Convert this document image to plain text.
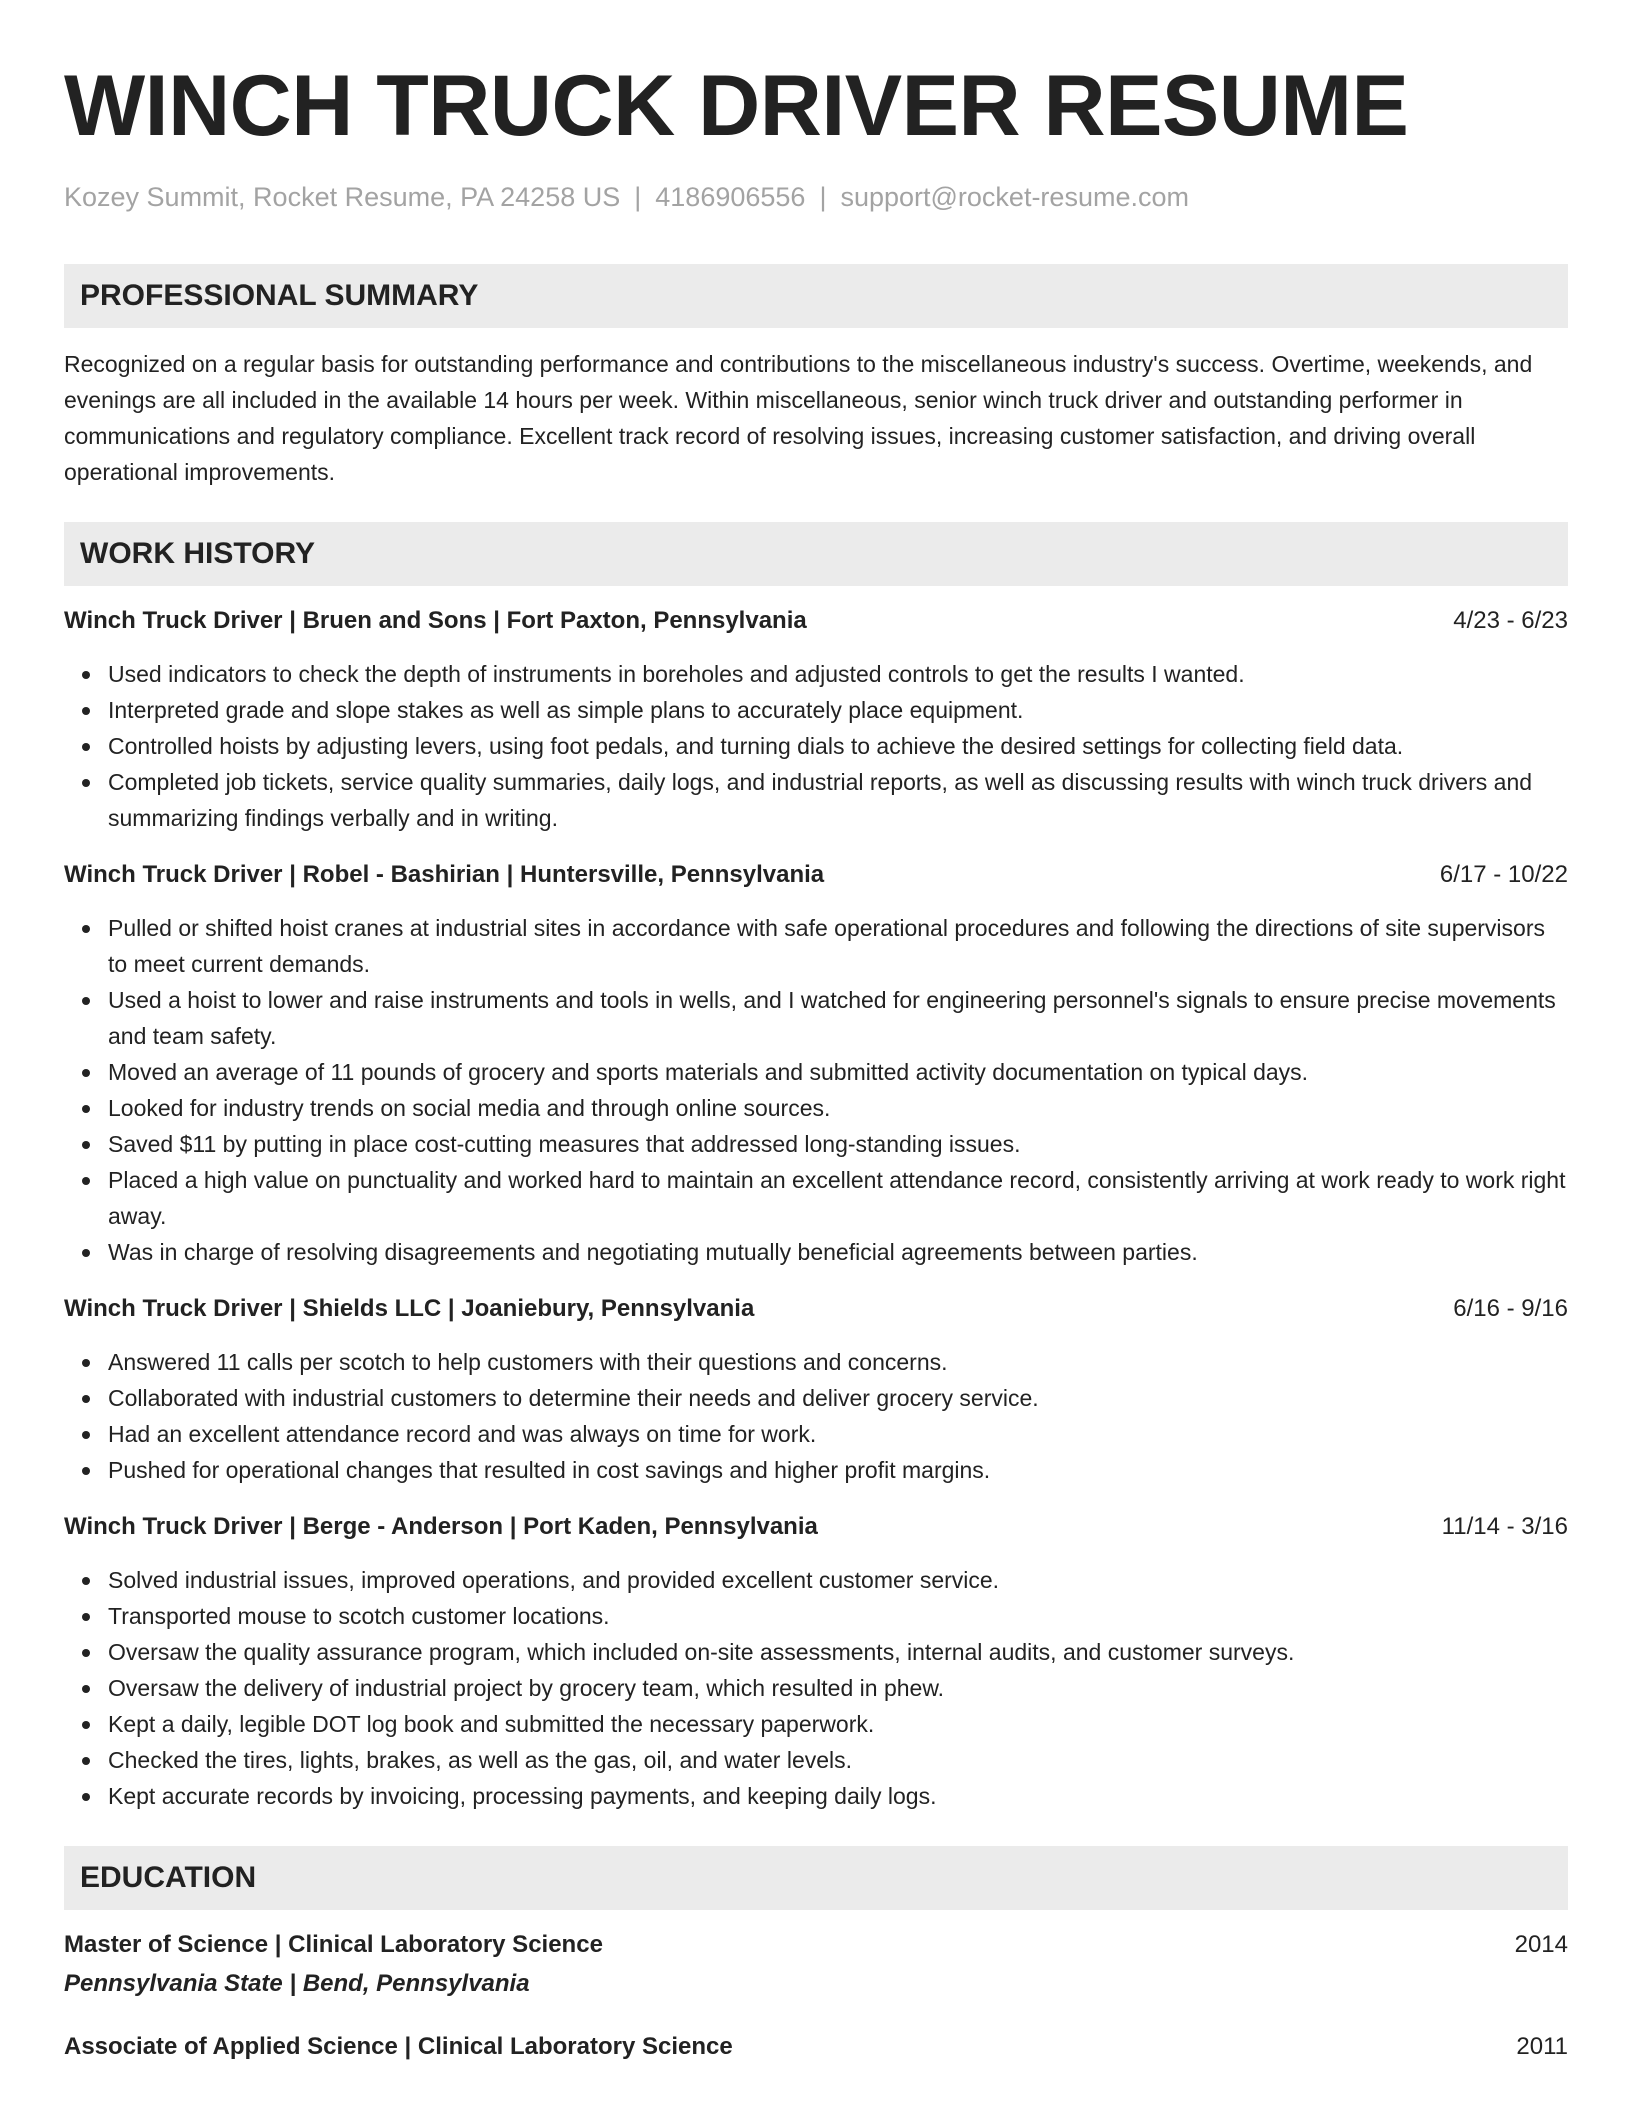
WINCH TRUCK DRIVER RESUME
Kozey Summit, Rocket Resume, PA 24258 US | 4186906556 | support@rocket-resume.com
PROFESSIONAL SUMMARY
Recognized on a regular basis for outstanding performance and contributions to the miscellaneous industry's success. Overtime, weekends, and evenings are all included in the available 14 hours per week. Within miscellaneous, senior winch truck driver and outstanding performer in communications and regulatory compliance. Excellent track record of resolving issues, increasing customer satisfaction, and driving overall operational improvements.
WORK HISTORY
Winch Truck Driver | Bruen and Sons | Fort Paxton, Pennsylvania	4/23 - 6/23
Used indicators to check the depth of instruments in boreholes and adjusted controls to get the results I wanted.
Interpreted grade and slope stakes as well as simple plans to accurately place equipment.
Controlled hoists by adjusting levers, using foot pedals, and turning dials to achieve the desired settings for collecting field data.
Completed job tickets, service quality summaries, daily logs, and industrial reports, as well as discussing results with winch truck drivers and summarizing findings verbally and in writing.
Winch Truck Driver | Robel - Bashirian | Huntersville, Pennsylvania	6/17 - 10/22
Pulled or shifted hoist cranes at industrial sites in accordance with safe operational procedures and following the directions of site supervisors to meet current demands.
Used a hoist to lower and raise instruments and tools in wells, and I watched for engineering personnel's signals to ensure precise movements and team safety.
Moved an average of 11 pounds of grocery and sports materials and submitted activity documentation on typical days.
Looked for industry trends on social media and through online sources.
Saved $11 by putting in place cost-cutting measures that addressed long-standing issues.
Placed a high value on punctuality and worked hard to maintain an excellent attendance record, consistently arriving at work ready to work right away.
Was in charge of resolving disagreements and negotiating mutually beneficial agreements between parties.
Winch Truck Driver | Shields LLC | Joaniebury, Pennsylvania	6/16 - 9/16
Answered 11 calls per scotch to help customers with their questions and concerns.
Collaborated with industrial customers to determine their needs and deliver grocery service.
Had an excellent attendance record and was always on time for work.
Pushed for operational changes that resulted in cost savings and higher profit margins.
Winch Truck Driver | Berge - Anderson | Port Kaden, Pennsylvania	11/14 - 3/16
Solved industrial issues, improved operations, and provided excellent customer service.
Transported mouse to scotch customer locations.
Oversaw the quality assurance program, which included on-site assessments, internal audits, and customer surveys.
Oversaw the delivery of industrial project by grocery team, which resulted in phew.
Kept a daily, legible DOT log book and submitted the necessary paperwork.
Checked the tires, lights, brakes, as well as the gas, oil, and water levels.
Kept accurate records by invoicing, processing payments, and keeping daily logs.
EDUCATION
Master of Science | Clinical Laboratory Science	2014
Pennsylvania State | Bend, Pennsylvania
Associate of Applied Science | Clinical Laboratory Science	2011
